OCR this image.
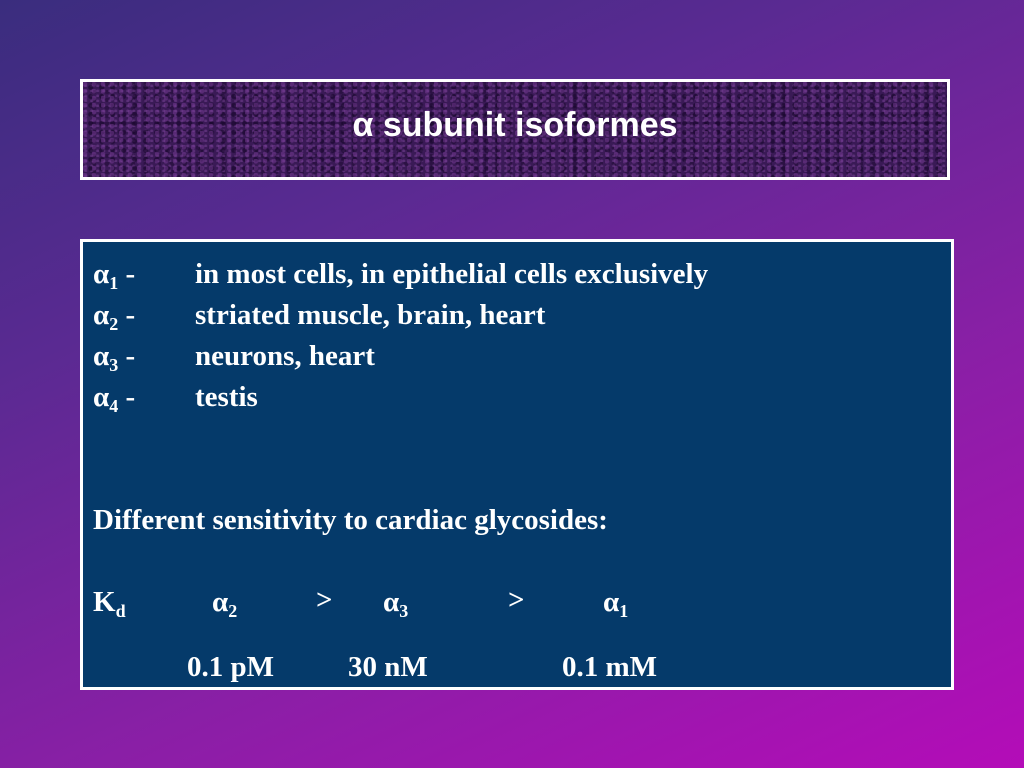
α subunit isoformes
$\alpha_1$ - in most cells, in epithelial cells exclusively
$\alpha_2$ - striated muscle, brain, heart
$\alpha_3$ - neurons, heart
$\alpha_4$ - testis
Different sensitivity to cardiac glycosides:
$K_d$	$\alpha_2$	> $\alpha_3$	>	$\alpha_1$
0.1 pM	30 nM	0.1 mM
